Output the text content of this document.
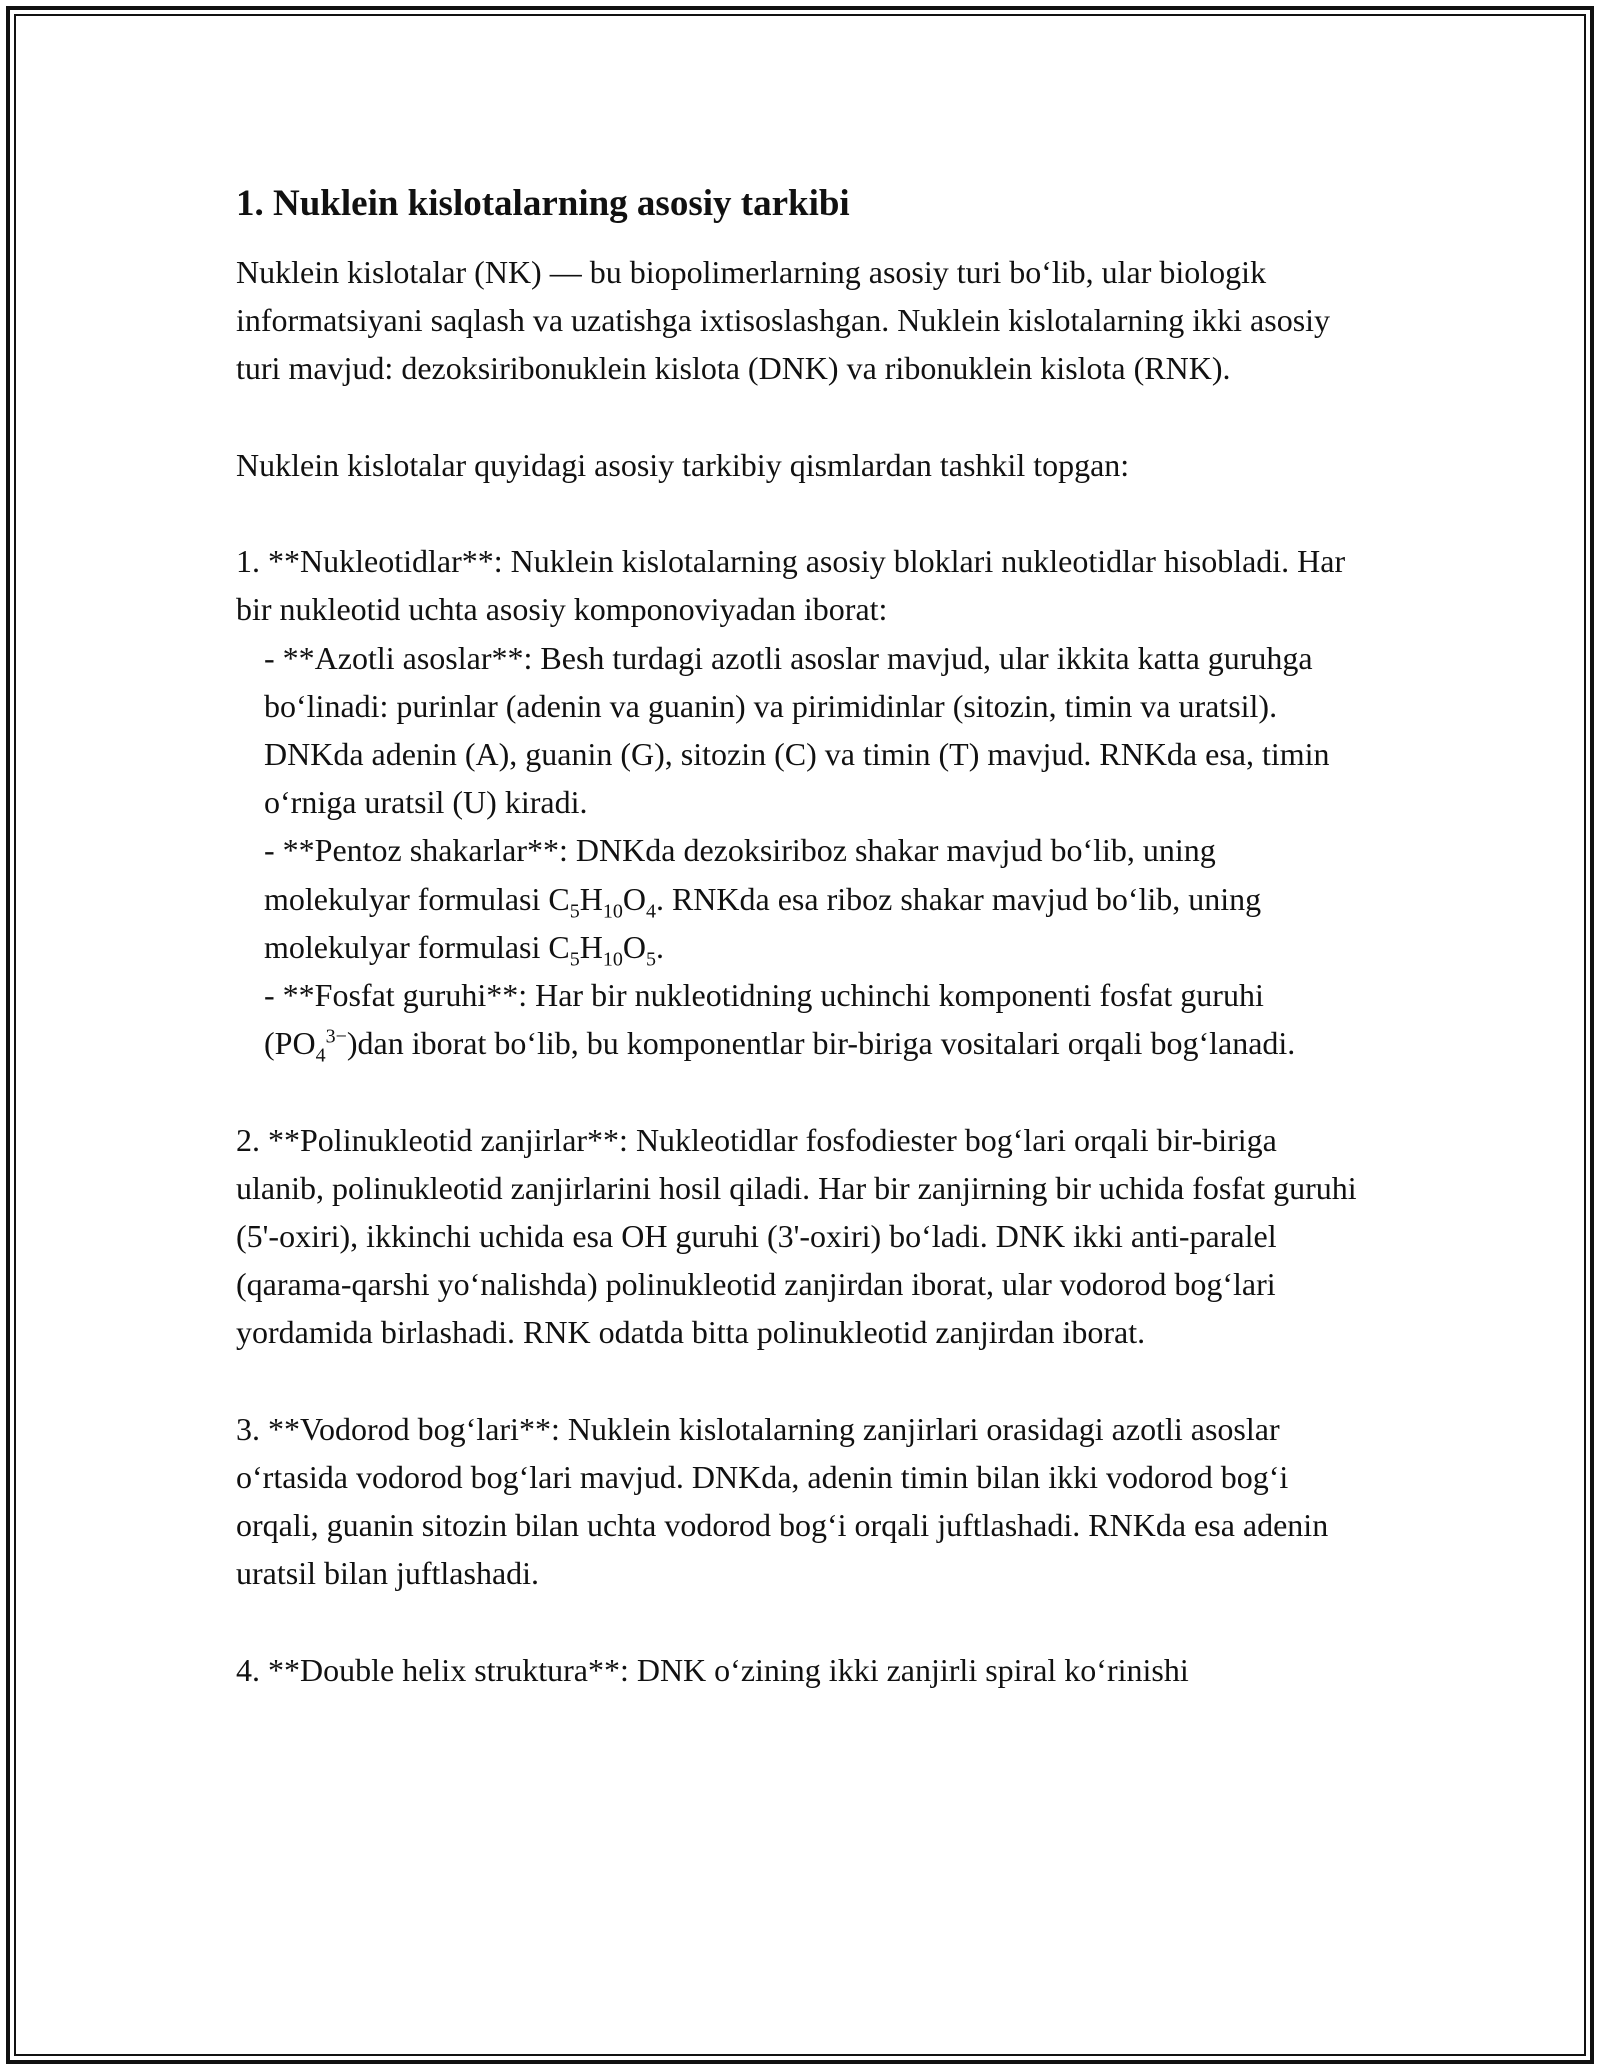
1. Nuklein kislotalarning asosiy tarkibi
Nuklein kislotalar (NK) — bu biopolimerlarning asosiy turi bo‘lib, ular biologik informatsiyani saqlash va uzatishga ixtisoslashgan. Nuklein kislotalarning ikki asosiy turi mavjud: dezoksiribonuklein kislota (DNK) va ribonuklein kislota (RNK).
Nuklein kislotalar quyidagi asosiy tarkibiy qismlardan tashkil topgan:
1. **Nukleotidlar**: Nuklein kislotalarning asosiy bloklari nukleotidlar hisobladi. Har bir nukleotid uchta asosiy komponoviyadan iborat:
- **Azotli asoslar**: Besh turdagi azotli asoslar mavjud, ular ikkita katta guruhga bo‘linadi: purinlar (adenin va guanin) va pirimidinlar (sitozin, timin va uratsil). DNKda adenin (A), guanin (G), sitozin (C) va timin (T) mavjud. RNKda esa, timin o‘rniga uratsil (U) kiradi.
- **Pentoz shakarlar**: DNKda dezoksiriboz shakar mavjud bo‘lib, uning molekulyar formulasi $C_5H_{10}O_4$. RNKda esa riboz shakar mavjud bo‘lib, uning molekulyar formulasi $C_5H_{10}O_5$.
- **Fosfat guruhi**: Har bir nukleotidning uchinchi komponenti fosfat guruhi $(PO_4^{3-})dan$ iborat bo‘lib, bu komponentlar bir-biriga vositalari orqali bog‘lanadi.
2. **Polinukleotid zanjirlar**: Nukleotidlar fosfodiester bog‘lari orqali bir-biriga ulanib, polinukleotid zanjirlarini hosil qiladi. Har bir zanjirning bir uchida fosfat guruhi (5'-oxiri), ikkinchi uchida esa OH guruhi (3'-oxiri) bo‘ladi. DNK ikki anti-paralel (qarama-qarshi yo‘nalishda) polinukleotid zanjirdan iborat, ular vodorod bog‘lari yordamida birlashadi. RNK odatda bitta polinukleotid zanjirdan iborat.
3. **Vodorod bog‘lari**: Nuklein kislotalarning zanjirlari orasidagi azotli asoslar o‘rtasida vodorod bog‘lari mavjud. DNKda, adenin timin bilan ikki vodorod bog‘i orqali, guanin sitozin bilan uchta vodorod bog‘i orqali juftlashadi. RNKda esa adenin uratsil bilan juftlashadi.
4. **Double helix struktura**: DNK o‘zining ikki zanjirli spiral ko‘rinishi
